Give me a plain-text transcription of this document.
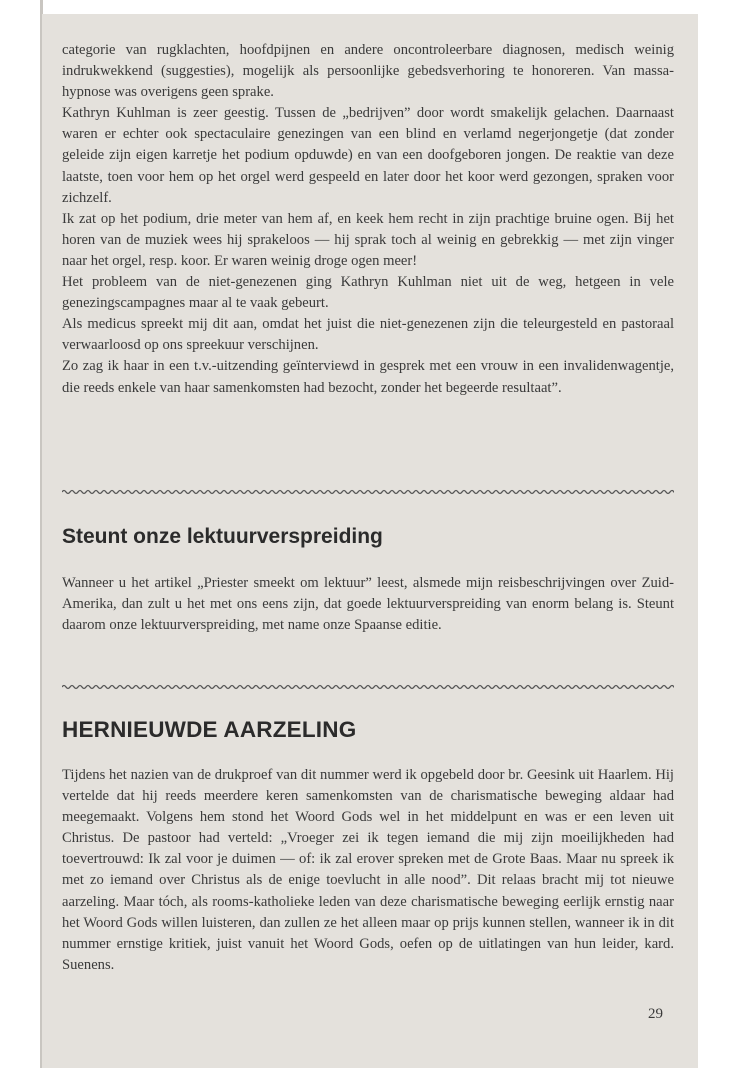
categorie van rugklachten, hoofdpijnen en andere oncontroleerbare diagnosen, medisch weinig indrukwekkend (suggesties), mogelijk als persoonlijke gebedsverhoring te honoreren. Van massa-hypnose was overigens geen sprake.

Kathryn Kuhlman is zeer geestig. Tussen de „bedrijven” door wordt smakelijk gelachen. Daarnaast waren er echter ook spectaculaire genezingen van een blind en verlamd negerjongetje (dat zonder geleide zijn eigen karretje het podium opduwde) en van een doofgeboren jongen. De reaktie van deze laatste, toen voor hem op het orgel werd gespeeld en later door het koor werd gezongen, spraken voor zichzelf.

Ik zat op het podium, drie meter van hem af, en keek hem recht in zijn prachtige bruine ogen. Bij het horen van de muziek wees hij sprakeloos — hij sprak toch al weinig en gebrekkig — met zijn vinger naar het orgel, resp. koor. Er waren weinig droge ogen meer!

Het probleem van de niet-genezenen ging Kathryn Kuhlman niet uit de weg, hetgeen in vele genezingscampagnes maar al te vaak gebeurt.

Als medicus spreekt mij dit aan, omdat het juist die niet-genezenen zijn die teleurgesteld en pastoraal verwaarloosd op ons spreekuur verschijnen.

Zo zag ik haar in een t.v.-uitzending geïnterviewd in gesprek met een vrouw in een invalidenwagentje, die reeds enkele van haar samenkomsten had bezocht, zonder het begeerde resultaat”.

Steunt onze lektuurverspreiding

Wanneer u het artikel „Priester smeekt om lektuur” leest, alsmede mijn reisbeschrijvingen over Zuid-Amerika, dan zult u het met ons eens zijn, dat goede lektuurverspreiding van enorm belang is. Steunt daarom onze lektuurverspreiding, met name onze Spaanse editie.

HERNIEUWDE AARZELING

Tijdens het nazien van de drukproef van dit nummer werd ik opgebeld door br. Geesink uit Haarlem. Hij vertelde dat hij reeds meerdere keren samenkomsten van de charismatische beweging aldaar had meegemaakt. Volgens hem stond het Woord Gods wel in het middelpunt en was er een leven uit Christus. De pastoor had verteld: „Vroeger zei ik tegen iemand die mij zijn moeilijkheden had toevertrouwd: Ik zal voor je duimen — of: ik zal erover spreken met de Grote Baas. Maar nu spreek ik met zo iemand over Christus als de enige toevlucht in alle nood”. Dit relaas bracht mij tot nieuwe aarzeling. Maar tóch, als rooms-katholieke leden van deze charismatische beweging eerlijk ernstig naar het Woord Gods willen luisteren, dan zullen ze het alleen maar op prijs kunnen stellen, wanneer ik in dit nummer ernstige kritiek, juist vanuit het Woord Gods, oefen op de uitlatingen van hun leider, kard. Suenens.

29
